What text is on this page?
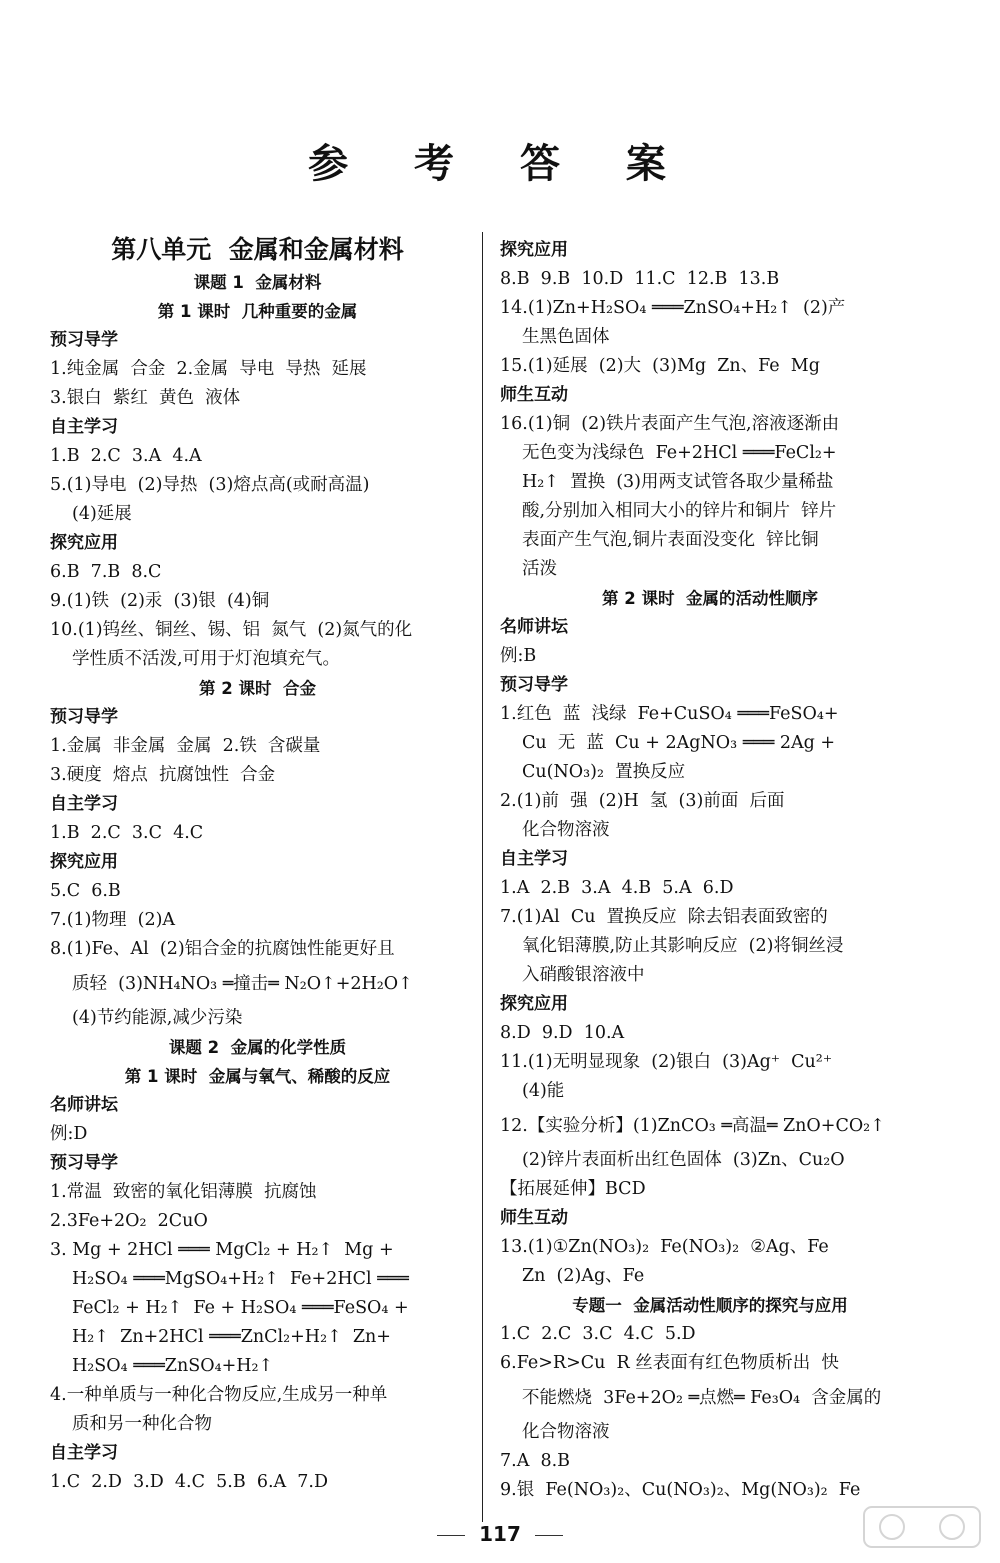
参 考 答 案
第八单元  金属和金属材料
课题 1  金属材料
第 1 课时  几种重要的金属
预习导学
1.纯金属  合金  2.金属  导电  导热  延展
3.银白  紫红  黄色  液体
自主学习
1.B  2.C  3.A  4.A
5.(1)导电  (2)导热  (3)熔点高(或耐高温)
(4)延展
探究应用
6.B  7.B  8.C
9.(1)铁  (2)汞  (3)银  (4)铜
10.(1)钨丝、铜丝、锡、铝  氮气  (2)氮气的化
学性质不活泼,可用于灯泡填充气。
第 2 课时  合金
预习导学
1.金属  非金属  金属  2.铁  含碳量
3.硬度  熔点  抗腐蚀性  合金
自主学习
1.B  2.C  3.C  4.C
探究应用
5.C  6.B
7.(1)物理  (2)A
8.(1)Fe、Al  (2)铝合金的抗腐蚀性能更好且
质轻  (3)NH₄NO₃ ═撞击═ N₂O↑+2H₂O↑
(4)节约能源,减少污染
课题 2  金属的化学性质
第 1 课时  金属与氧气、稀酸的反应
名师讲坛
例:D
预习导学
1.常温  致密的氧化铝薄膜  抗腐蚀
2.3Fe+2O₂  2CuO
3. Mg + 2HCl ═══ MgCl₂ + H₂↑  Mg +
H₂SO₄ ═══MgSO₄+H₂↑  Fe+2HCl ═══
FeCl₂ + H₂↑  Fe + H₂SO₄ ═══FeSO₄ +
H₂↑  Zn+2HCl ═══ZnCl₂+H₂↑  Zn+
H₂SO₄ ═══ZnSO₄+H₂↑
4.一种单质与一种化合物反应,生成另一种单
质和另一种化合物
自主学习
1.C  2.D  3.D  4.C  5.B  6.A  7.D
探究应用
8.B  9.B  10.D  11.C  12.B  13.B
14.(1)Zn+H₂SO₄ ═══ZnSO₄+H₂↑  (2)产
生黑色固体
15.(1)延展  (2)大  (3)Mg  Zn、Fe  Mg
师生互动
16.(1)铜  (2)铁片表面产生气泡,溶液逐渐由
无色变为浅绿色  Fe+2HCl ═══FeCl₂+
H₂↑  置换  (3)用两支试管各取少量稀盐
酸,分别加入相同大小的锌片和铜片  锌片
表面产生气泡,铜片表面没变化  锌比铜
活泼
第 2 课时  金属的活动性顺序
名师讲坛
例:B
预习导学
1.红色  蓝  浅绿  Fe+CuSO₄ ═══FeSO₄+
Cu  无  蓝  Cu + 2AgNO₃ ═══ 2Ag +
Cu(NO₃)₂  置换反应
2.(1)前  强  (2)H  氢  (3)前面  后面
化合物溶液
自主学习
1.A  2.B  3.A  4.B  5.A  6.D
7.(1)Al  Cu  置换反应  除去铝表面致密的
氧化铝薄膜,防止其影响反应  (2)将铜丝浸
入硝酸银溶液中
探究应用
8.D  9.D  10.A
11.(1)无明显现象  (2)银白  (3)Ag⁺  Cu²⁺
(4)能
12.【实验分析】(1)ZnCO₃ ═高温═ ZnO+CO₂↑
(2)锌片表面析出红色固体  (3)Zn、Cu₂O
【拓展延伸】BCD
师生互动
13.(1)①Zn(NO₃)₂  Fe(NO₃)₂  ②Ag、Fe
Zn  (2)Ag、Fe
专题一  金属活动性顺序的探究与应用
1.C  2.C  3.C  4.C  5.D
6.Fe>R>Cu  R 丝表面有红色物质析出  快
不能燃烧  3Fe+2O₂ ═点燃═ Fe₃O₄  含金属的
化合物溶液
7.A  8.B
9.银  Fe(NO₃)₂、Cu(NO₃)₂、Mg(NO₃)₂  Fe
117
